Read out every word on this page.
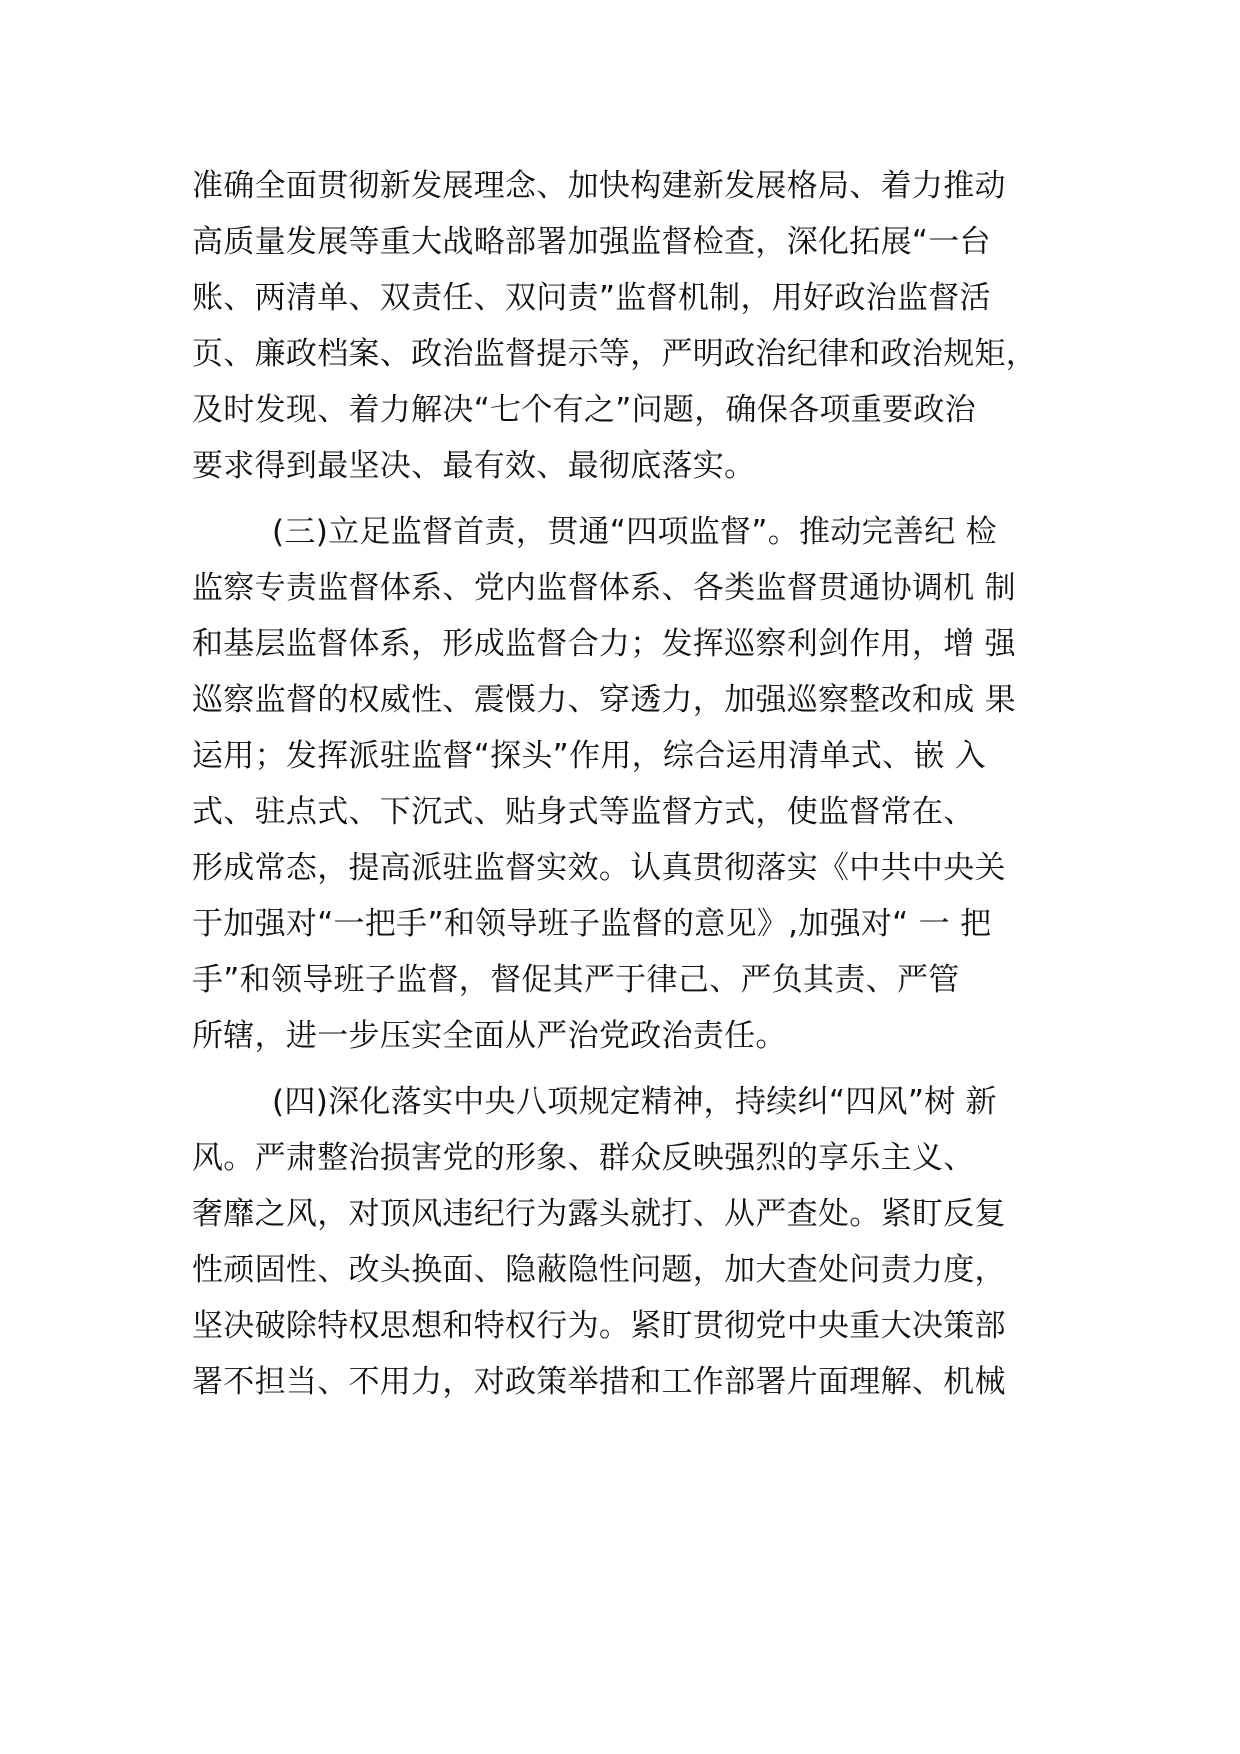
准确全面贯彻新发展理念、加快构建新发展格局、着力推动
高质量发展等重大战略部署加强监督检查，深化拓展“一台
账、两清单、双责任、双问责”监督机制，用好政治监督活
页、廉政档案、政治监督提示等，严明政治纪律和政治规矩，
及时发现、着力解决“七个有之”问题，确保各项重要政治
要求得到最坚决、最有效、最彻底落实。

(三)立足监督首责，贯通“四项监督”。推动完善纪 检
监察专责监督体系、党内监督体系、各类监督贯通协调机 制
和基层监督体系，形成监督合力；发挥巡察利剑作用，增 强
巡察监督的权威性、震慑力、穿透力，加强巡察整改和成 果
运用；发挥派驻监督“探头”作用，综合运用清单式、嵌 入
式、驻点式、下沉式、贴身式等监督方式，使监督常在、
形成常态，提高派驻监督实效。认真贯彻落实《中共中央关
于加强对“一把手”和领导班子监督的意见》,加强对“ 一 把
手”和领导班子监督，督促其严于律己、严负其责、严管
所辖，进一步压实全面从严治党政治责任。

(四)深化落实中央八项规定精神，持续纠“四风”树 新
风。严肃整治损害党的形象、群众反映强烈的享乐主义、
奢靡之风，对顶风违纪行为露头就打、从严查处。紧盯反复
性顽固性、改头换面、隐蔽隐性问题，加大查处问责力度，
坚决破除特权思想和特权行为。紧盯贯彻党中央重大决策部
署不担当、不用力，对政策举措和工作部署片面理解、机械
